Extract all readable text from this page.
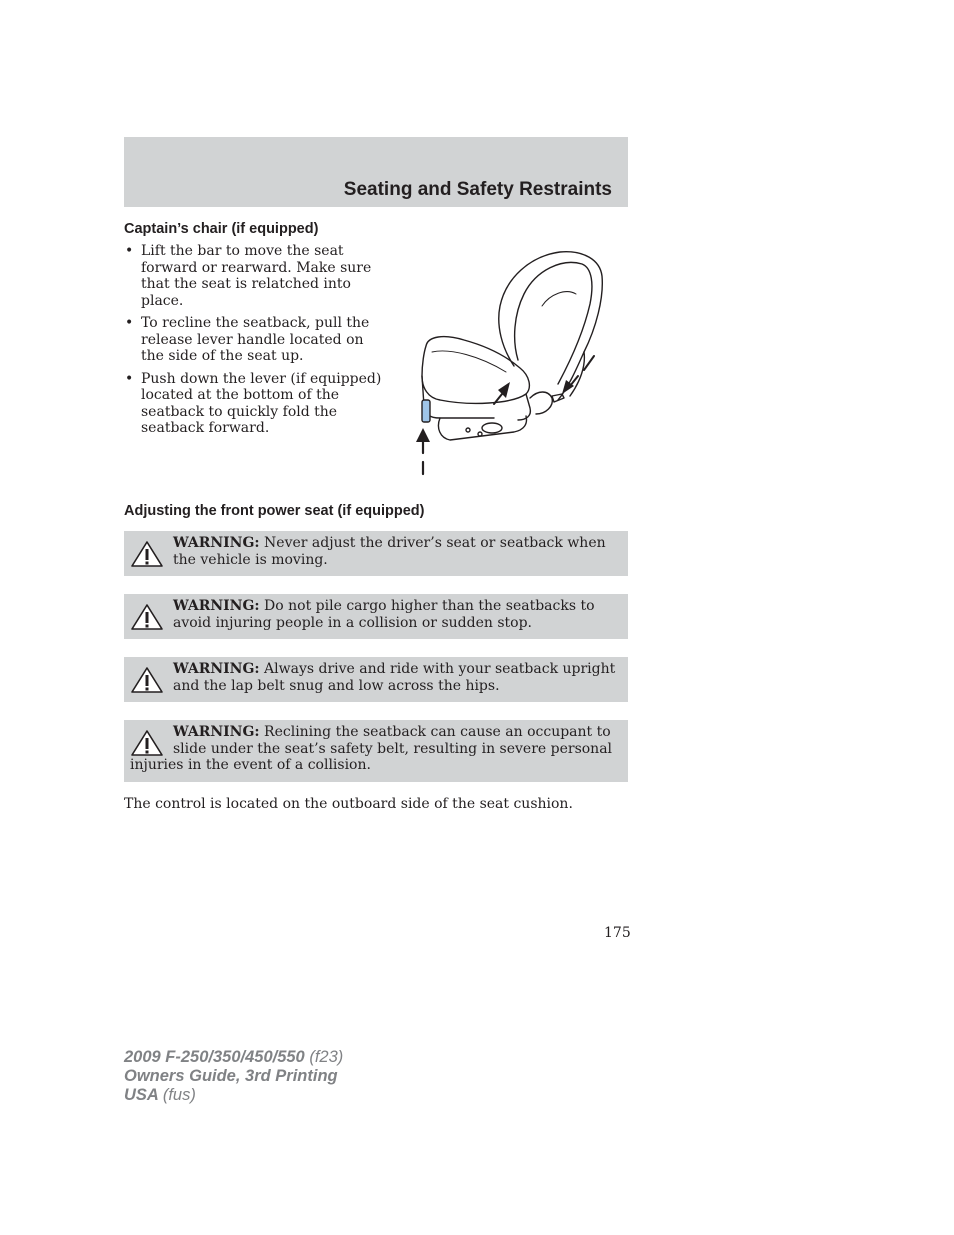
Seating and Safety Restraints
Captain’s chair (if equipped)
• Lift the bar to move the seat forward or rearward. Make sure that the seat is relatched into place.
• To recline the seatback, pull the release lever handle located on the side of the seat up.
• Push down the lever (if equipped) located at the bottom of the seatback to quickly fold the seatback forward.
Adjusting the front power seat (if equipped)
WARNING: Never adjust the driver’s seat or seatback when the vehicle is moving.
WARNING: Do not pile cargo higher than the seatbacks to avoid injuring people in a collision or sudden stop.
WARNING: Always drive and ride with your seatback upright and the lap belt snug and low across the hips.
WARNING: Reclining the seatback can cause an occupant to slide under the seat’s safety belt, resulting in severe personal injuries in the event of a collision.
The control is located on the outboard side of the seat cushion.
175
2009 F-250/350/450/550 (f23)
Owners Guide, 3rd Printing
USA (fus)
